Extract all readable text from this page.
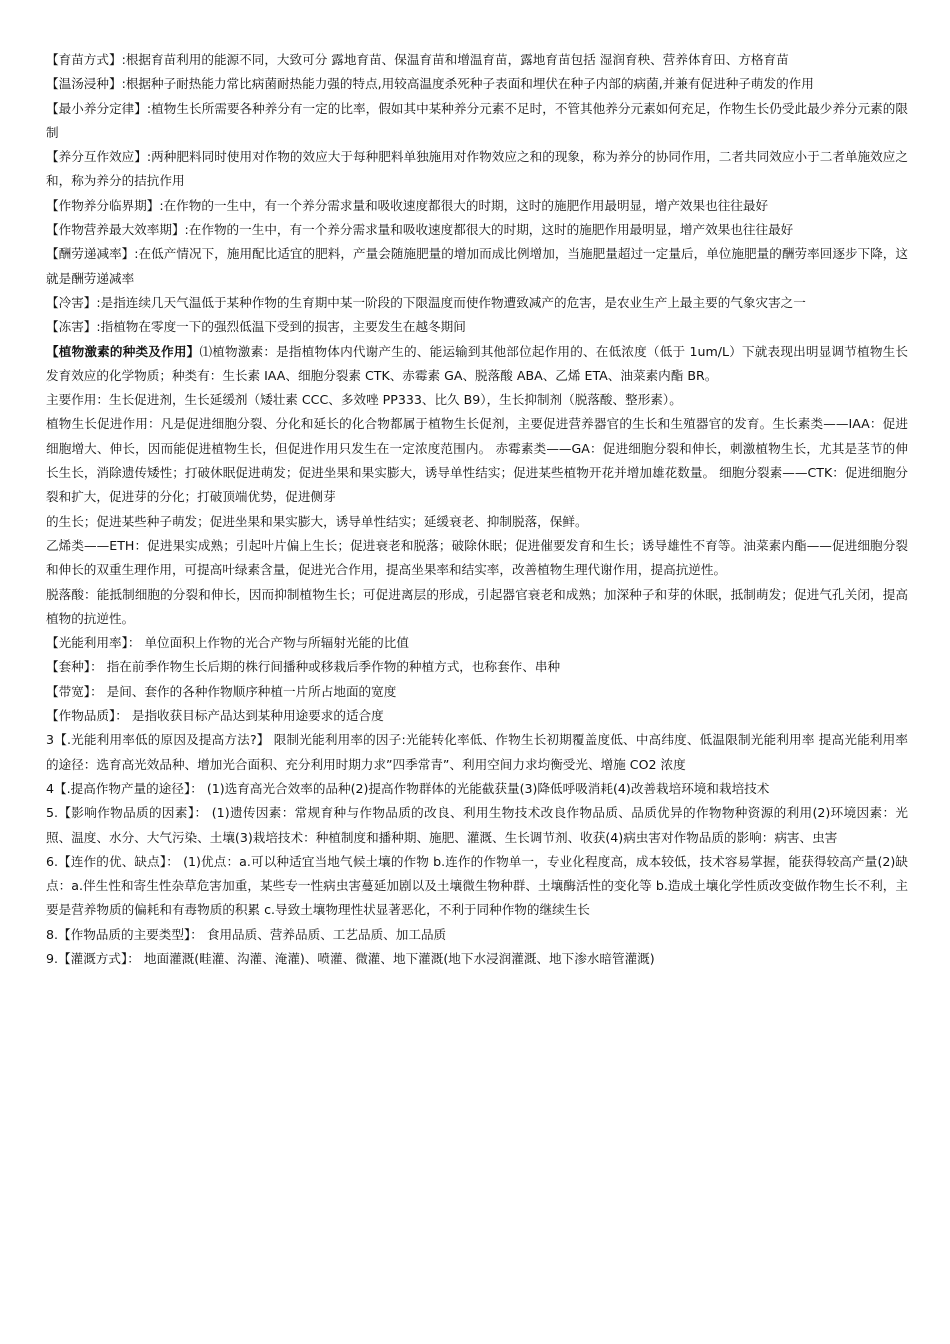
【育苗方式】:根据育苗利用的能源不同，大致可分 露地育苗、保温育苗和增温育苗，露地育苗包括 湿润育秧、营养体育田、方格育苗

【温汤浸种】:根据种子耐热能力常比病菌耐热能力强的特点,用较高温度杀死种子表面和埋伏在种子内部的病菌,并兼有促进种子萌发的作用

【最小养分定律】:植物生长所需要各种养分有一定的比率，假如其中某种养分元素不足时，不管其他养分元素如何充足，作物生长仍受此最少养分元素的限制

【养分互作效应】:两种肥料同时使用对作物的效应大于每种肥料单独施用对作物效应之和的现象，称为养分的协同作用，二者共同效应小于二者单施效应之和，称为养分的拮抗作用

【作物养分临界期】:在作物的一生中，有一个养分需求量和吸收速度都很大的时期，这时的施肥作用最明显，增产效果也往往最好

【作物营养最大效率期】:在作物的一生中，有一个养分需求量和吸收速度都很大的时期，这时的施肥作用最明显，增产效果也往往最好

【酬劳递减率】:在低产情况下，施用配比适宜的肥料，产量会随施肥量的增加而成比例增加，当施肥量超过一定量后，单位施肥量的酬劳率回逐步下降，这就是酬劳递减率

【冷害】:是指连续几天气温低于某种作物的生育期中某一阶段的下限温度而使作物遭致减产的危害，是农业生产上最主要的气象灾害之一

【冻害】:指植物在零度一下的强烈低温下受到的损害，主要发生在越冬期间

【植物激素的种类及作用】⑴植物激素：是指植物体内代谢产生的、能运输到其他部位起作用的、在低浓度（低于 1um/L）下就表现出明显调节植物生长发育效应的化学物质；种类有：生长素 IAA、细胞分裂素 CTK、赤霉素 GA、脱落酸 ABA、乙烯 ETA、油菜素内酯 BR。

主要作用：生长促进剂，生长延缓剂（矮壮素 CCC、多效唑 PP333、比久 B9），生长抑制剂（脱落酸、整形素）。

植物生长促进作用：凡是促进细胞分裂、分化和延长的化合物都属于植物生长促剂，主要促进营养器官的生长和生殖器官的发育。生长素类——IAA：促进细胞增大、伸长，因而能促进植物生长，但促进作用只发生在一定浓度范围内。 赤霉素类——GA：促进细胞分裂和伸长，刺激植物生长，尤其是茎节的伸长生长，消除遗传矮性；打破休眠促进萌发；促进坐果和果实膨大，诱导单性结实；促进某些植物开花并增加雄花数量。 细胞分裂素——CTK：促进细胞分裂和扩大，促进芽的分化；打破顶端优势，促进侧芽

的生长；促进某些种子萌发；促进坐果和果实膨大，诱导单性结实；延缓衰老、抑制脱落，保鲜。

乙烯类——ETH：促进果实成熟；引起叶片偏上生长；促进衰老和脱落；破除休眠；促进催要发育和生长；诱导雄性不育等。油菜素内酯——促进细胞分裂和伸长的双重生理作用，可提高叶绿素含量，促进光合作用，提高坐果率和结实率，改善植物生理代谢作用，提高抗逆性。

脱落酸：能抵制细胞的分裂和伸长，因而抑制植物生长；可促进离层的形成，引起器官衰老和成熟；加深种子和芽的休眠，抵制萌发；促进气孔关闭，提高植物的抗逆性。

【光能利用率】： 单位面积上作物的光合产物与所辐射光能的比值

【套种】： 指在前季作物生长后期的株行间播种或移栽后季作物的种植方式，也称套作、串种

【带宽】： 是间、套作的各种作物顺序种植一片所占地面的宽度

【作物品质】： 是指收获目标产品达到某种用途要求的适合度

3【.光能利用率低的原因及提高方法?】 限制光能利用率的因子:光能转化率低、作物生长初期覆盖度低、中高纬度、低温限制光能利用率 提高光能利用率的途径：选育高光效品种、增加光合面积、充分利用时期力求”四季常青”、利用空间力求均衡受光、增施 CO2 浓度

4【.提高作物产量的途径】： (1)选育高光合效率的品种(2)提高作物群体的光能截获量(3)降低呼吸消耗(4)改善栽培环境和栽培技术

5.【影响作物品质的因素】： (1)遗传因素：常规育种与作物品质的改良、利用生物技术改良作物品质、品质优异的作物物种资源的利用(2)环境因素：光照、温度、水分、大气污染、土壤(3)栽培技术：种植制度和播种期、施肥、灌溉、生长调节剂、收获(4)病虫害对作物品质的影响：病害、虫害

6.【连作的优、缺点】： (1)优点：a.可以种适宜当地气候土壤的作物 b.连作的作物单一，专业化程度高，成本较低，技术容易掌握，能获得较高产量(2)缺点：a.伴生性和寄生性杂草危害加重，某些专一性病虫害蔓延加剧以及土壤微生物种群、土壤酶活性的变化等 b.造成土壤化学性质改变做作物生长不利，主要是营养物质的偏耗和有毒物质的积累 c.导致土壤物理性状显著恶化，不利于同种作物的继续生长

8.【作物品质的主要类型】： 食用品质、营养品质、工艺品质、加工品质

9.【灌溉方式】： 地面灌溉(畦灌、沟灌、淹灌)、喷灌、微灌、地下灌溉(地下水浸润灌溉、地下渗水暗管灌溉)
